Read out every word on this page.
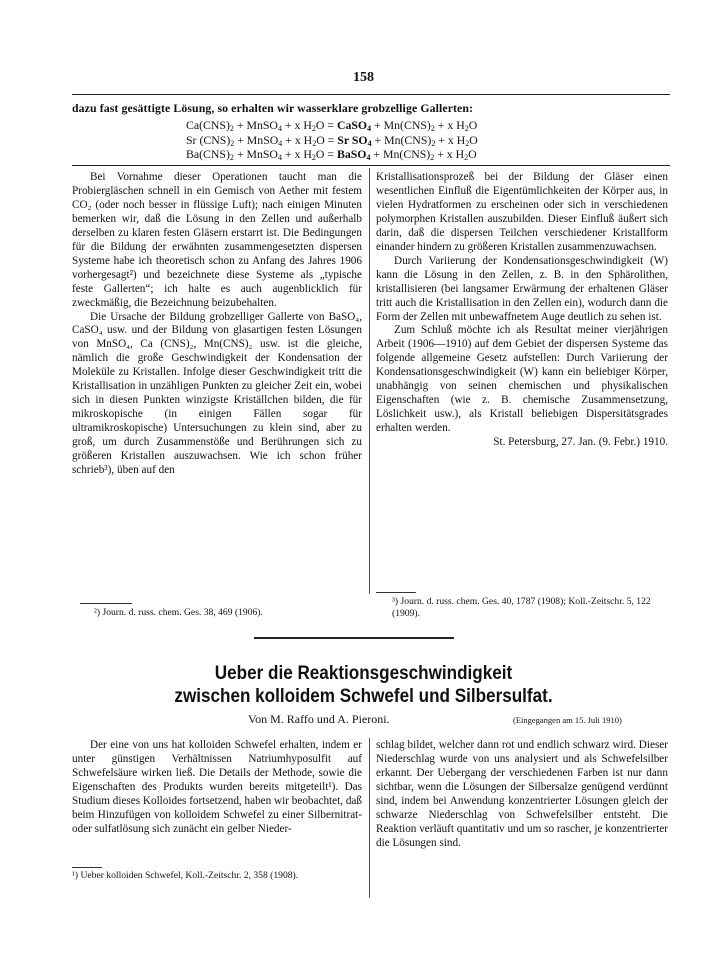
158
dazu fast gesättigte Lösung, so erhalten wir wasserklare grobzellige Gallerten:
$Ca(CNS)_2$ + MnSO$_4$ + x $H_2O$ = CaSO$_4$ + $Mn(CNS)_2 + x$ $H_2O$
Sr $(CNS)_2$ + MnSO$_4$ + x $H_2O = Sr$ $SO_4 + Mn(CNS)_2 + x$ $H_2O$
$Ba(CNS)_2$ + MnSO$_4$ + x $H_2O$ = BaSO$_4$ + $Mn(CNS)_2 + x$ $H_2O$

Bei Vornahme dieser Operationen taucht man die Probiergläschen schnell in ein Gemisch von Aether mit festem CO₂ (oder noch besser in flüssige Luft); nach einigen Minuten bemerken wir, daß die Lösung in den Zellen und außerhalb derselben zu klaren festen Gläsern erstarrt ist. Die Bedingungen für die Bildung der erwähnten zusammengesetzten dispersen Systeme habe ich theoretisch schon zu Anfang des Jahres 1906 vorhergesagt²) und bezeichnete diese Systeme als „typische feste Gallerten“; ich halte es auch augenblicklich für zweckmäßig, die Bezeichnung beizubehalten.

Die Ursache der Bildung grobzelliger Gallerte von BaSO₄, CaSO₄ usw. und der Bildung von glasartigen festen Lösungen von MnSO₄, Ca (CNS)₂, Mn(CNS)₂ usw. ist die gleiche, nämlich die große Geschwindigkeit der Kondensation der Moleküle zu Kristallen. Infolge dieser Geschwindigkeit tritt die Kristallisation in unzähligen Punkten zu gleicher Zeit ein, wobei sich in diesen Punkten winzigste Kriställchen bilden, die für mikroskopische (in einigen Fällen sogar für ultramikroskopische) Untersuchungen zu klein sind, aber zu groß, um durch Zusammenstöße und Berührungen sich zu größeren Kristallen auszuwachsen. Wie ich schon früher schrieb³), üben auf den

Kristallisationsprozeß bei der Bildung der Gläser einen wesentlichen Einfluß die Eigentümlichkeiten der Körper aus, in vielen Hydratformen zu erscheinen oder sich in verschiedenen polymorphen Kristallen auszubilden. Dieser Einfluß äußert sich darin, daß die dispersen Teilchen verschiedener Kristallform einander hindern zu größeren Kristallen zusammenzuwachsen.

Durch Variierung der Kondensationsgeschwindigkeit (W) kann die Lösung in den Zellen, z. B. in den Sphärolithen, kristallisieren (bei langsamer Erwärmung der erhaltenen Gläser tritt auch die Kristallisation in den Zellen ein), wodurch dann die Form der Zellen mit unbewaffnetem Auge deutlich zu sehen ist.

Zum Schluß möchte ich als Resultat meiner vierjährigen Arbeit (1906—1910) auf dem Gebiet der dispersen Systeme das folgende allgemeine Gesetz aufstellen: Durch Variierung der Kondensationsgeschwindigkeit (W) kann ein beliebiger Körper, unabhängig von seinen chemischen und physikalischen Eigenschaften (wie z. B. chemische Zusammensetzung, Löslichkeit usw.), als Kristall beliebigen Dispersitätsgrades erhalten werden.

St. Petersburg, 27. Jan. (9. Febr.) 1910.

²) Journ. d. russ. chem. Ges. 38, 469 (1906).
³) Journ. d. russ. chem. Ges. 40, 1787 (1908); Koll.-Zeitschr. 5, 122 (1909).
Ueber die Reaktionsgeschwindigkeit
zwischen kolloidem Schwefel und Silbersulfat.
Von M. Raffo und A. Pieroni.	(Eingegangen am 15. Juli 1910)

Der eine von uns hat kolloiden Schwefel erhalten, indem er unter günstigen Verhältnissen Natriumhyposulfit auf Schwefelsäure wirken ließ. Die Details der Methode, sowie die Eigenschaften des Produkts wurden bereits mitgeteilt¹). Das Studium dieses Kolloides fortsetzend, haben wir beobachtet, daß beim Hinzufügen von kolloidem Schwefel zu einer Silbernitrat- oder sulfatlösung sich zunächt ein gelber Nieder-

schlag bildet, welcher dann rot und endlich schwarz wird. Dieser Niederschlag wurde von uns analysiert und als Schwefelsilber erkannt. Der Uebergang der verschiedenen Farben ist nur dann sichtbar, wenn die Lösungen der Silbersalze genügend verdünnt sind, indem bei Anwendung konzentrierter Lösungen gleich der schwarze Niederschlag von Schwefelsilber entsteht. Die Reaktion verläuft quantitativ und um so rascher, je konzentrierter die Lösungen sind.

¹) Ueber kolloiden Schwefel, Koll.-Zeitschr. 2, 358 (1908).
